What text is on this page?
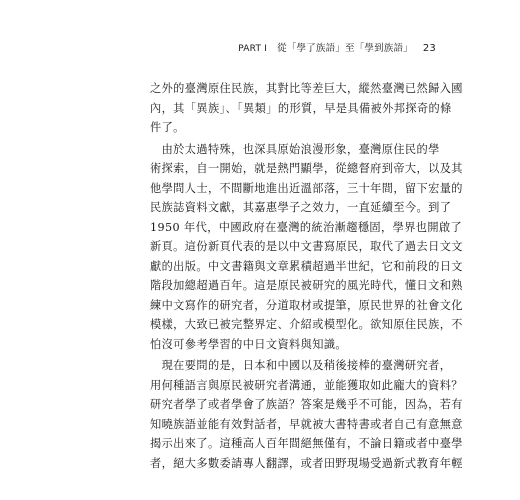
PART I 從「學了族語」至「學到族語」 23
之外的臺灣原住民族，其對比等差巨大，縱然臺灣已然歸入國
內，其「異族」、「異類」的形質，早是具備被外邦探奇的條
件了。
　由於太過特殊，也深具原始浪漫形象，臺灣原住民的學
術探索，自一開始，就是熱門顯學，從總督府到帝大，以及其
他學問人士，不間斷地進出近溫部落，三十年間，留下宏量的
民族誌資料文獻，其嘉惠學子之效力，一直延續至今。到了
1950 年代，中國政府在臺灣的統治漸趨穩固，學界也開啟了
新頁。這份新頁代表的是以中文書寫原民，取代了過去日文文
獻的出版。中文書籍與文章累積超過半世紀，它和前段的日文
階段加總超過百年。這是原民被研究的風光時代，懂日文和熟
練中文寫作的研究者，分道取材或提筆，原民世界的社會文化
模樣，大致已被完整界定、介紹或模型化。欲知原住民族，不
怕沒可參考學習的中日文資料與知識。
　現在要問的是，日本和中國以及稍後接棒的臺灣研究者，
用何種語言與原民被研究者溝通，並能獲取如此龐大的資料？
研究者學了或者學會了族語？答案是幾乎不可能，因為，若有
知曉族語並能有效對話者，早就被大書特書或者自己有意無意
揭示出來了。這種高人百年間絕無僅有，不論日籍或者中臺學
者，絕大多數委請專人翻譯，或者田野現場受過新式教育年輕
